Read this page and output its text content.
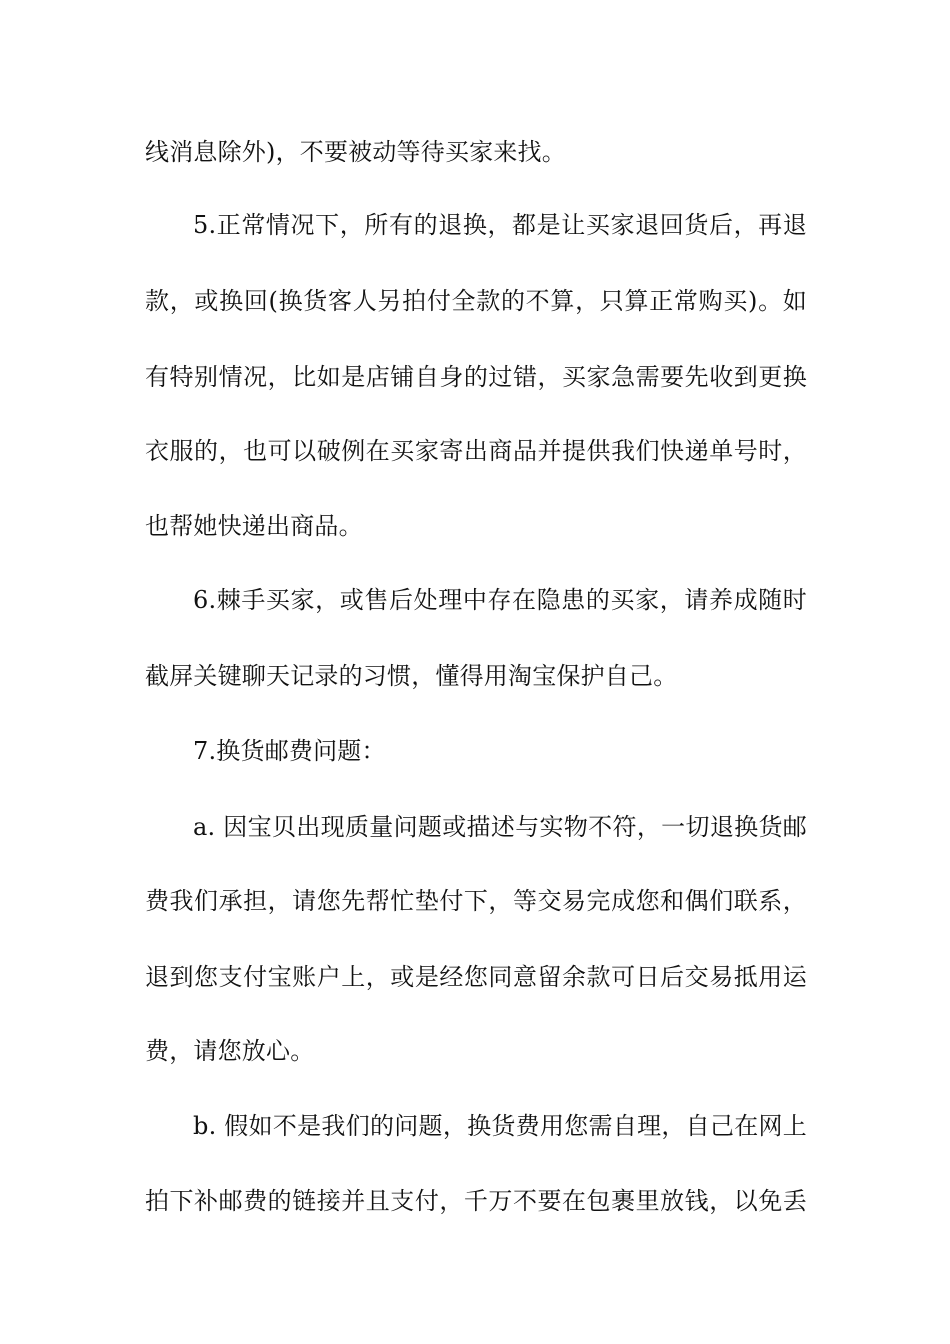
线消息除外)，不要被动等待买家来找。
5.正常情况下，所有的退换，都是让买家退回货后，再退
款，或换回(换货客人另拍付全款的不算，只算正常购买)。如
有特别情况，比如是店铺自身的过错，买家急需要先收到更换
衣服的，也可以破例在买家寄出商品并提供我们快递单号时，
也帮她快递出商品。
6.棘手买家，或售后处理中存在隐患的买家，请养成随时
截屏关键聊天记录的习惯，懂得用淘宝保护自己。
7.换货邮费问题：
a. 因宝贝出现质量问题或描述与实物不符，一切退换货邮
费我们承担，请您先帮忙垫付下，等交易完成您和偶们联系，
退到您支付宝账户上，或是经您同意留余款可日后交易抵用运
费，请您放心。
b. 假如不是我们的问题，换货费用您需自理，自己在网上
拍下补邮费的链接并且支付，千万不要在包裹里放钱，以免丢
